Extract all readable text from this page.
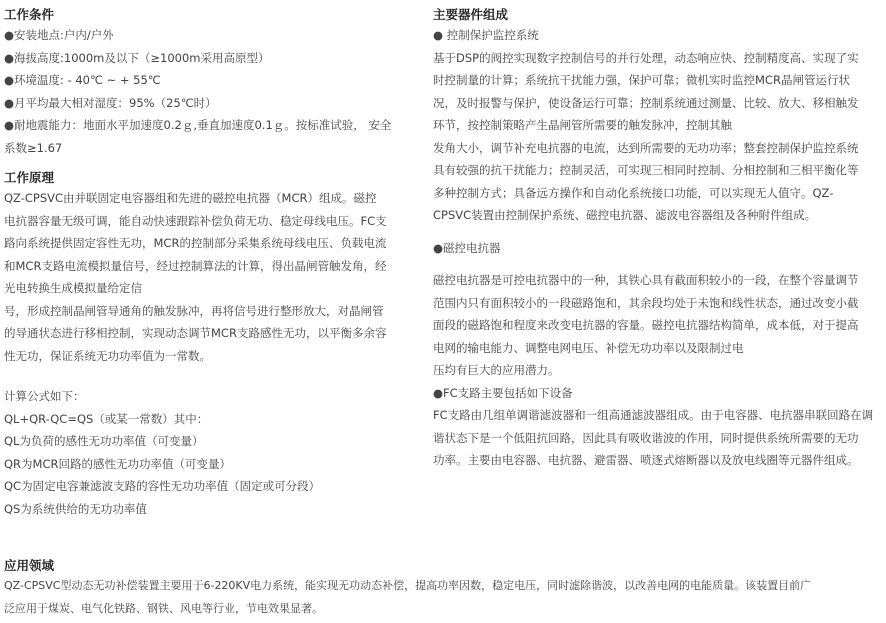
工作条件

●安装地点:户内/户外

●海拔高度:1000m及以下（≥1000m采用高原型）

●环境温度: - 40℃ ~ + 55℃

●月平均最大相对湿度：95%（25℃时）

●耐地震能力：地面水平加速度0.2ｇ,垂直加速度0.1ｇ。按标准试验， 安全

系数≥1.67

工作原理

QZ-CPSVC由并联固定电容器组和先进的磁控电抗器（MCR）组成。磁控

电抗器容量无级可调，能自动快速跟踪补偿负荷无功、稳定母线电压。FC支

路向系统提供固定容性无功，MCR的控制部分采集系统母线电压、负载电流

和MCR支路电流模拟量信号，经过控制算法的计算，得出晶闸管触发角，经

光电转换生成模拟量给定信

号，形成控制晶闸管导通角的触发脉冲，再将信号进行整形放大，对晶闸管

的导通状态进行移相控制，实现动态调节MCR支路感性无功，以平衡多余容

性无功，保证系统无功功率值为一常数。

计算公式如下：

QL+QR-QC=QS（或某一常数）其中：

QL为负荷的感性无功功率值（可变量）

QR为MCR回路的感性无功功率值（可变量）

QC为固定电容兼滤波支路的容性无功功率值（固定或可分段）

QS为系统供给的无功功率值

主要器件组成

● 控制保护监控系统

基于DSP的阀控实现数字控制信号的并行处理，动态响应快、控制精度高、实现了实

时控制量的计算；系统抗干扰能力强，保护可靠；微机实时监控MCR晶闸管运行状

况，及时报警与保护，使设备运行可靠；控制系统通过测量、比较、放大、移相触发

环节，按控制策略产生晶闸管所需要的触发脉冲，控制其触

发角大小，调节补充电抗器的电流，达到所需要的无功功率；整套控制保护监控系统

具有较强的抗干扰能力；控制灵活，可实现三相同时控制、分相控制和三相平衡化等

多种控制方式；具备远方操作和自动化系统接口功能，可以实现无人值守。QZ-

CPSVC装置由控制保护系统、磁控电抗器、滤波电容器组及各种附件组成。

●磁控电抗器

磁控电抗器是可控电抗器中的一种，其铁心具有截面积较小的一段，在整个容量调节

范围内只有面积较小的一段磁路饱和，其余段均处于未饱和线性状态，通过改变小截

面段的磁路饱和程度来改变电抗器的容量。磁控电抗器结构简单，成本低，对于提高

电网的输电能力、调整电网电压、补偿无功功率以及限制过电

压均有巨大的应用潜力。

●FC支路主要包括如下设备

FC支路由几组单调谐滤波器和一组高通滤波器组成。由于电容器、电抗器串联回路在调

谐状态下是一个低阻抗回路，因此具有吸收谐波的作用，同时提供系统所需要的无功

功率。主要由电容器、电抗器、避雷器、喷逐式熔断器以及放电线圈等元器件组成。

应用领域

QZ-CPSVC型动态无功补偿装置主要用于6-220KV电力系统，能实现无功动态补偿，提高功率因数，稳定电压，同时滤除谐波，以改善电网的电能质量。该装置目前广

泛应用于煤炭、电气化铁路、钢铁、风电等行业，节电效果显著。
